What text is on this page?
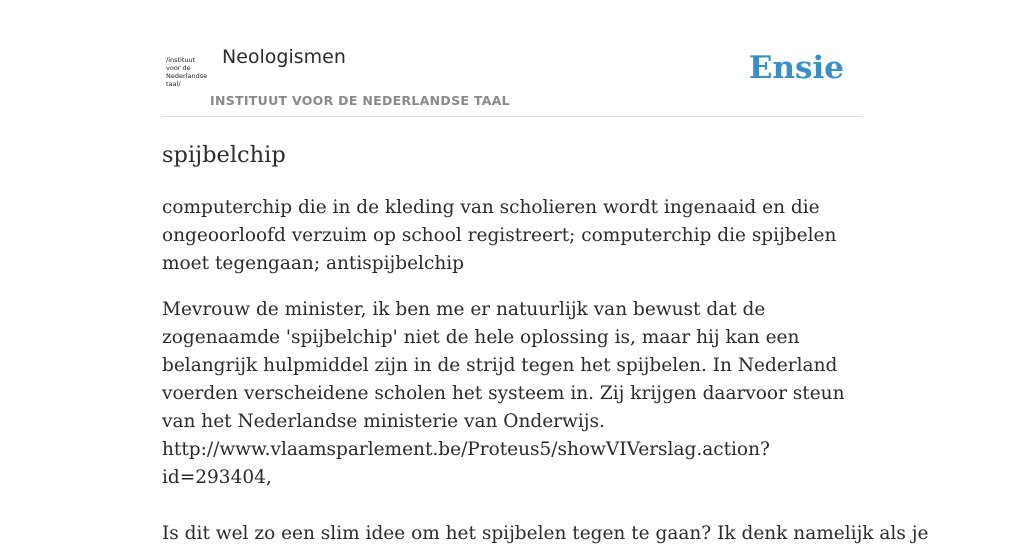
/instituut
voor de
Nederlandse
taal/
Neologismen
INSTITUUT VOOR DE NEDERLANDSE TAAL
Ensie
spijbelchip

computerchip die in de kleding van scholieren wordt ingenaaid en die ongeoorloofd verzuim op school registreert; computerchip die spijbelen moet tegengaan; antispijbelchip

Mevrouw de minister, ik ben me er natuurlijk van bewust dat de zogenaamde 'spijbelchip' niet de hele oplossing is, maar hij kan een belangrijk hulpmiddel zijn in de strijd tegen het spijbelen. In Nederland voerden verscheidene scholen het systeem in. Zij krijgen daarvoor steun van het Nederlandse ministerie van Onderwijs.
http://www.vlaamsparlement.be/Proteus5/showVIVerslag.action?id=293404,
Is dit wel zo een slim idee om het spijbelen tegen te gaan? Ik denk namelijk als je
